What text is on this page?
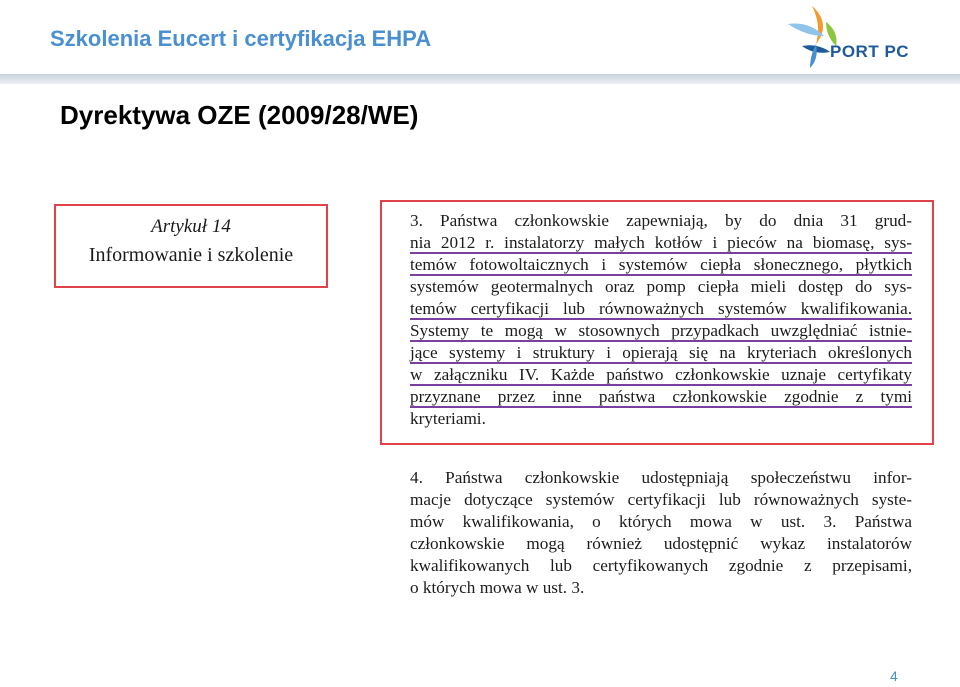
Szkolenia Eucert i certyfikacja EHPA
PORT PC
Dyrektywa OZE (2009/28/WE)
Artykuł 14
Informowanie i szkolenie
3. Państwa członkowskie zapewniają, by do dnia 31 grud-
nia 2012 r. instalatorzy małych kotłów i pieców na biomasę, sys-
temów fotowoltaicznych i systemów ciepła słonecznego, płytkich
systemów geotermalnych oraz pomp ciepła mieli dostęp do sys-
temów certyfikacji lub równoważnych systemów kwalifikowania.
Systemy te mogą w stosownych przypadkach uwzględniać istnie-
jące systemy i struktury i opierają się na kryteriach określonych
w załączniku IV. Każde państwo członkowskie uznaje certyfikaty
przyznane przez inne państwa członkowskie zgodnie z tymi
kryteriami.
4. Państwa członkowskie udostępniają społeczeństwu infor-
macje dotyczące systemów certyfikacji lub równoważnych syste-
mów kwalifikowania, o których mowa w ust. 3. Państwa
członkowskie mogą również udostępnić wykaz instalatorów
kwalifikowanych lub certyfikowanych zgodnie z przepisami,
o których mowa w ust. 3.
4
